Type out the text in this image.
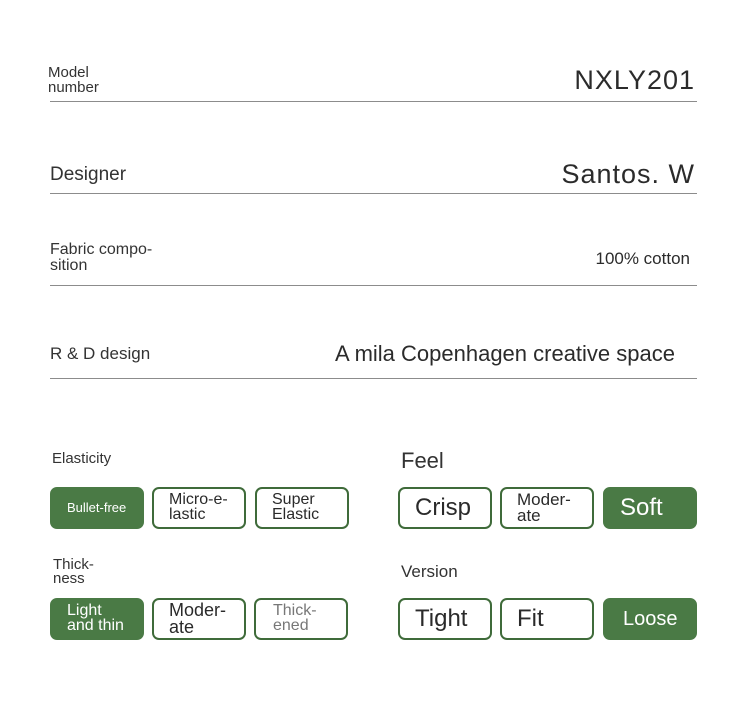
Model
number	NXLY201
Designer	Santos. W
Fabric compo-
sition	100% cotton
R & D design	A mila Copenhagen creative space
Elasticity
Bullet-free	Micro-e-
lastic
Super
Elastic
Feel
Crisp	Moder-
ate	Soft
Thick-
ness
Light
and thin
Moder-
ate
Thick-
ened
Version
Tight Fit	Loose
